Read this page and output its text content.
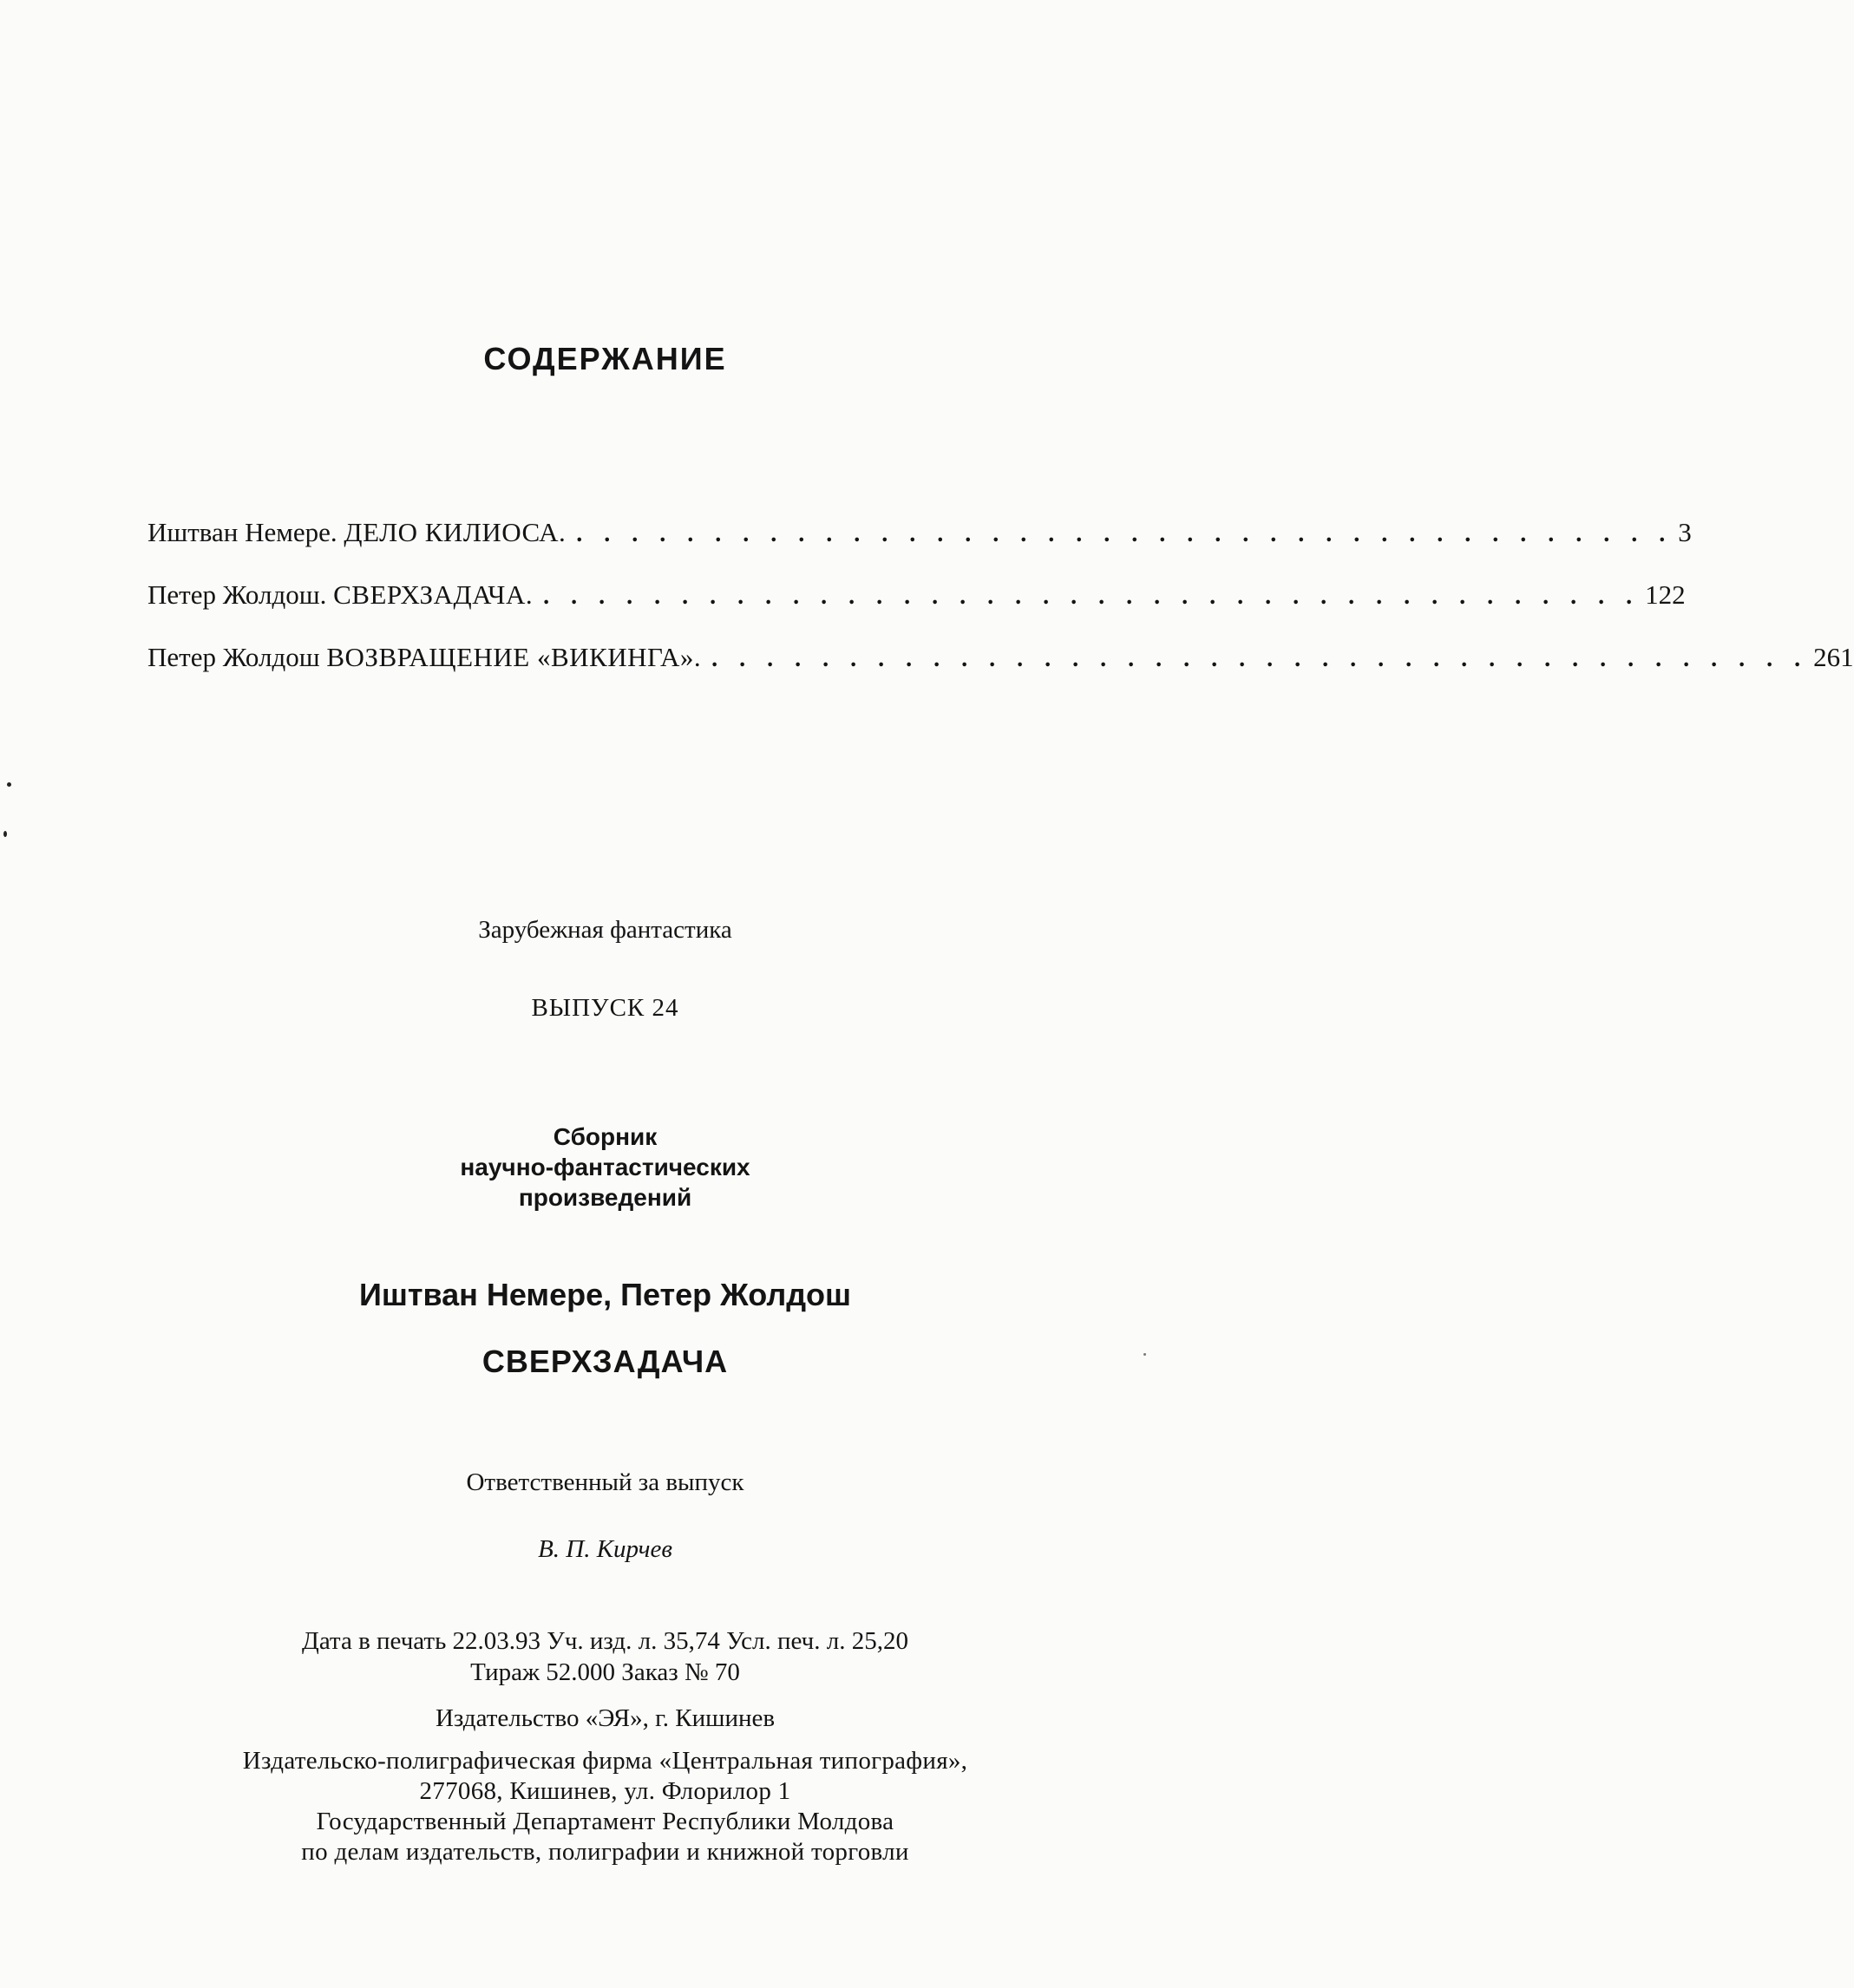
СОДЕРЖАНИЕ
Иштван Немере.
ДЕЛО КИЛИОСА. . . . . . . . . . . . . . . . . . . . . . . . . . . . . . . . . . . . . . . . . 3
Петер Жолдош.
СВЕРХЗАДАЧА. . . . . . . . . . . . . . . . . . . . . . . . . . . . . . . . . . . . . . . . . 122
Петер Жолдош
ВОЗВРАЩЕНИЕ «ВИКИНГА». . . . . . . . . . . . . . . . . . . . . . . . . . . . . . . . . . . . . . . . . 261
Зарубежная фантастика
ВЫПУСК 24
Сборник
научно-фантастических
произведений
Иштван Немере, Петер Жолдош
СВЕРХЗАДАЧА
Ответственный за выпуск
В. П. Кирчев
Дата в печать 22.03.93 Уч. изд. л. 35,74 Усл. печ. л. 25,20
Тираж 52.000 Заказ № 70
Издательство «ЭЯ», г. Кишинев
Издательско-полиграфическая фирма «Центральная типография»,
277068, Кишинев, ул. Флорилор 1
Государственный Департамент Республики Молдова
по делам издательств, полиграфии и книжной торговли
